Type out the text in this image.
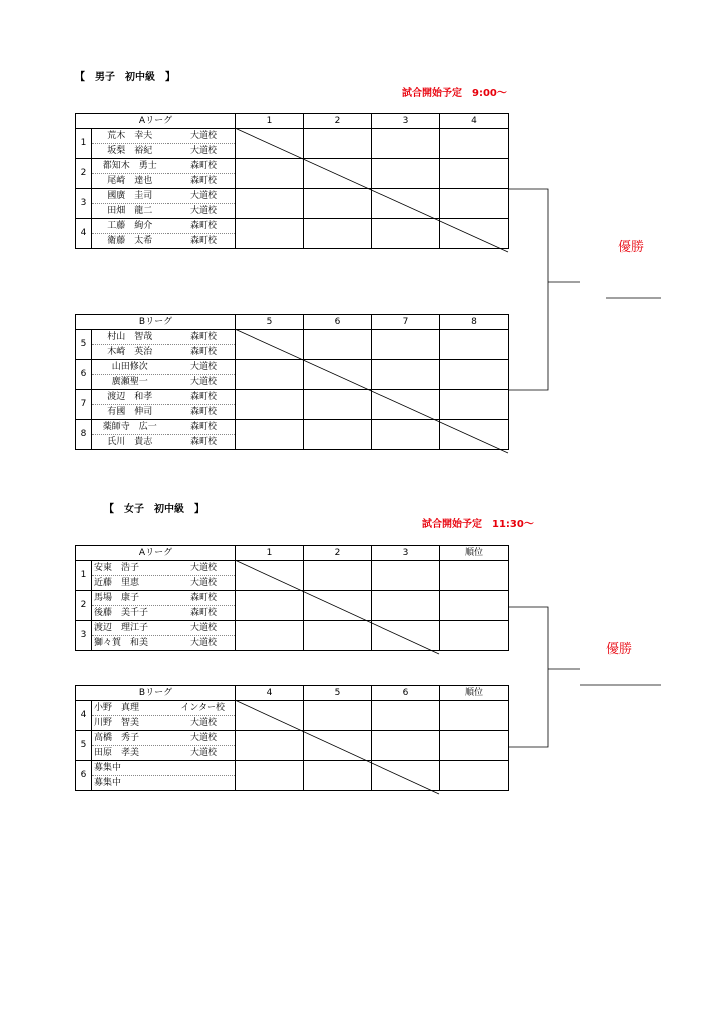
【　男子　初中級　】
試合開始予定　9:00～
Aリーグ			1	2	3	4
1	荒木　幸夫	大道校				
	坂梨　裕紀	大道校				
2	都知木　勇士	森町校				
	尾崎　達也	森町校				
3	國廣　圭司	大道校				
	田畑　龍二	大道校				
4	工藤　絢介	森町校				
	衛藤　太希	森町校				
Bリーグ			5	6	7	8
5	村山　智哉	森町校				
	木崎　英治	森町校				
6	山田修次	大道校				
	廣瀬聖一	大道校				
7	渡辺　和孝	森町校				
	有國　伸司	森町校				
8	薬師寺　広一	森町校				
	氏川　貴志	森町校				
優勝
【　女子　初中級　】
試合開始予定　11:30～
Aリーグ			1	2	3	順位
1	安東　浩子	大道校				
	近藤　里恵	大道校				
2	馬場　康子	森町校				
	後藤　美千子	森町校				
3	渡辺　理江子	大道校				
	獅々賀　和美	大道校				
Bリーグ			4	5	6	順位
4	小野　真理	インター校				
	川野　智美	大道校				
5	高橋　秀子	大道校				
	田原　孝美	大道校				
6	募集中					
	募集中					
優勝
